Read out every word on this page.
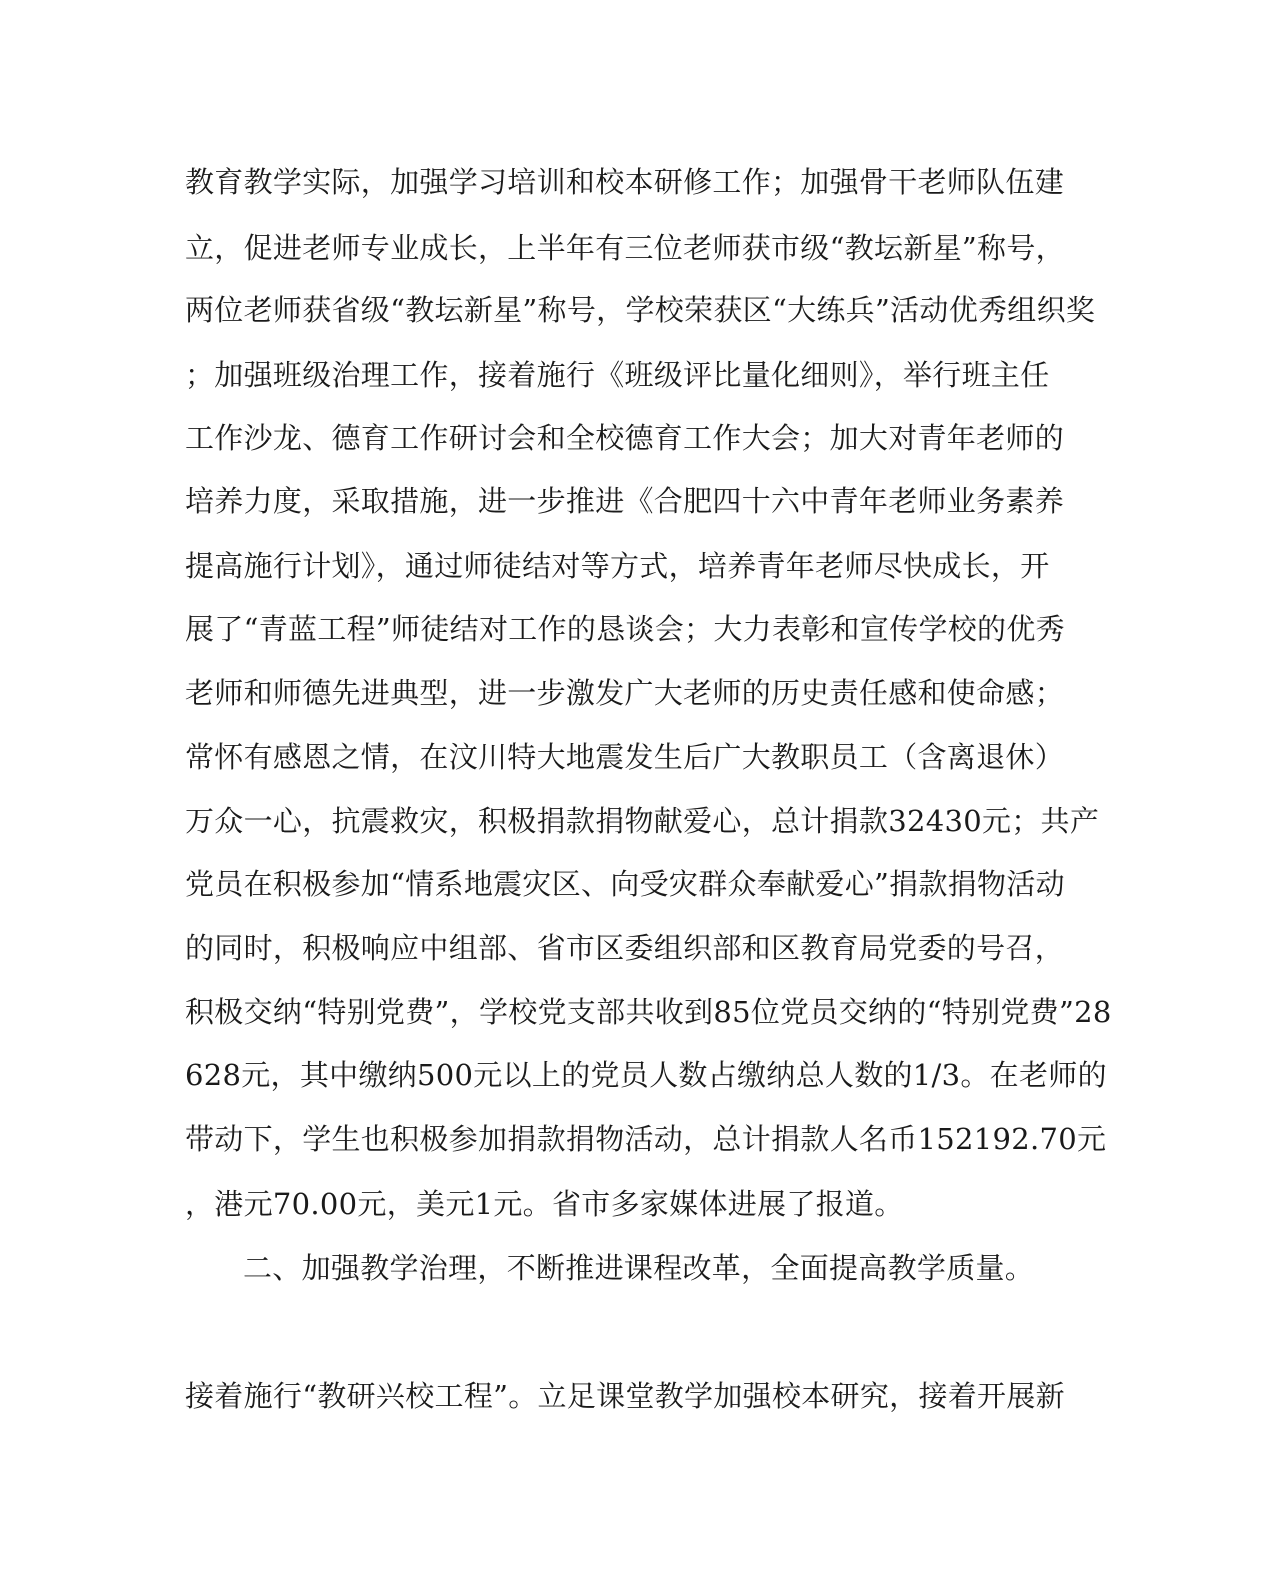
教育教学实际，加强学习培训和校本研修工作；加强骨干老师队伍建
立，促进老师专业成长，上半年有三位老师获市级“教坛新星”称号，
两位老师获省级“教坛新星”称号，学校荣获区“大练兵”活动优秀组织奖
；加强班级治理工作，接着施行《班级评比量化细则》，举行班主任
工作沙龙、德育工作研讨会和全校德育工作大会；加大对青年老师的
培养力度，采取措施，进一步推进《合肥四十六中青年老师业务素养
提高施行计划》，通过师徒结对等方式，培养青年老师尽快成长，开
展了“青蓝工程”师徒结对工作的恳谈会；大力表彰和宣传学校的优秀
老师和师德先进典型，进一步激发广大老师的历史责任感和使命感；
常怀有感恩之情，在汶川特大地震发生后广大教职员工（含离退休）
万众一心，抗震救灾，积极捐款捐物献爱心，总计捐款32430元；共产
党员在积极参加“情系地震灾区、向受灾群众奉献爱心”捐款捐物活动
的同时，积极响应中组部、省市区委组织部和区教育局党委的号召，
积极交纳“特别党费”，学校党支部共收到85位党员交纳的“特别党费”28
628元，其中缴纳500元以上的党员人数占缴纳总人数的1/3。在老师的
带动下，学生也积极参加捐款捐物活动，总计捐款人名币152192.70元
，港元70.00元，美元1元。省市多家媒体进展了报道。
二、加强教学治理，不断推进课程改革，全面提高教学质量。
接着施行“教研兴校工程”。立足课堂教学加强校本研究，接着开展新
